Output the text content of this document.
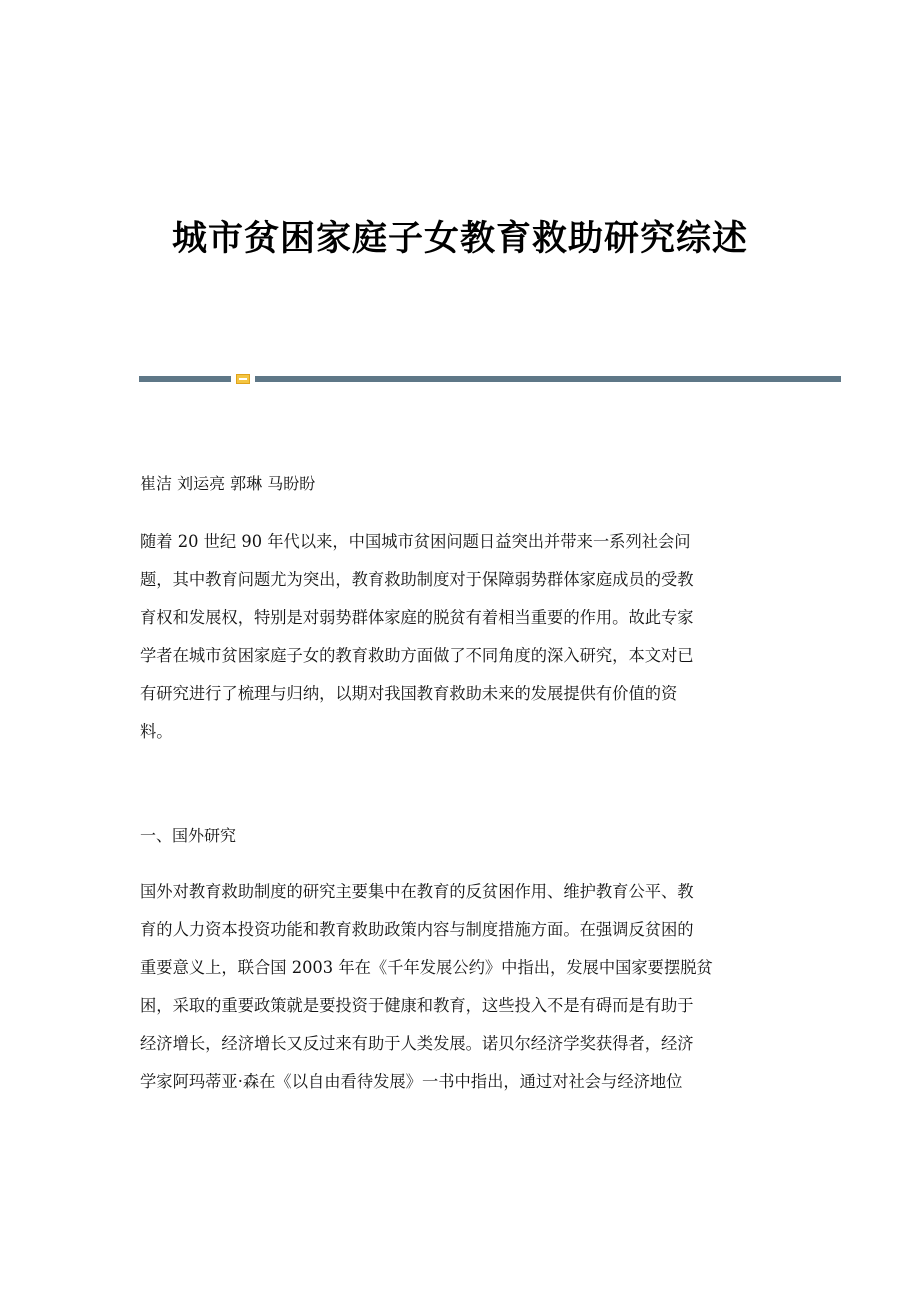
城市贫困家庭子女教育救助研究综述
崔洁 刘运亮 郭琳 马盼盼
随着 20 世纪 90 年代以来，中国城市贫困问题日益突出并带来一系列社会问
题，其中教育问题尤为突出，教育救助制度对于保障弱势群体家庭成员的受教
育权和发展权，特别是对弱势群体家庭的脱贫有着相当重要的作用。故此专家
学者在城市贫困家庭子女的教育救助方面做了不同角度的深入研究，本文对已
有研究进行了梳理与归纳，以期对我国教育救助未来的发展提供有价值的资
料。
一、国外研究
国外对教育救助制度的研究主要集中在教育的反贫困作用、维护教育公平、教
育的人力资本投资功能和教育救助政策内容与制度措施方面。在强调反贫困的
重要意义上，联合国 2003 年在《千年发展公约》中指出，发展中国家要摆脱贫
困，采取的重要政策就是要投资于健康和教育，这些投入不是有碍而是有助于
经济增长，经济增长又反过来有助于人类发展。诺贝尔经济学奖获得者，经济
学家阿玛蒂亚·森在《以自由看待发展》一书中指出，通过对社会与经济地位
